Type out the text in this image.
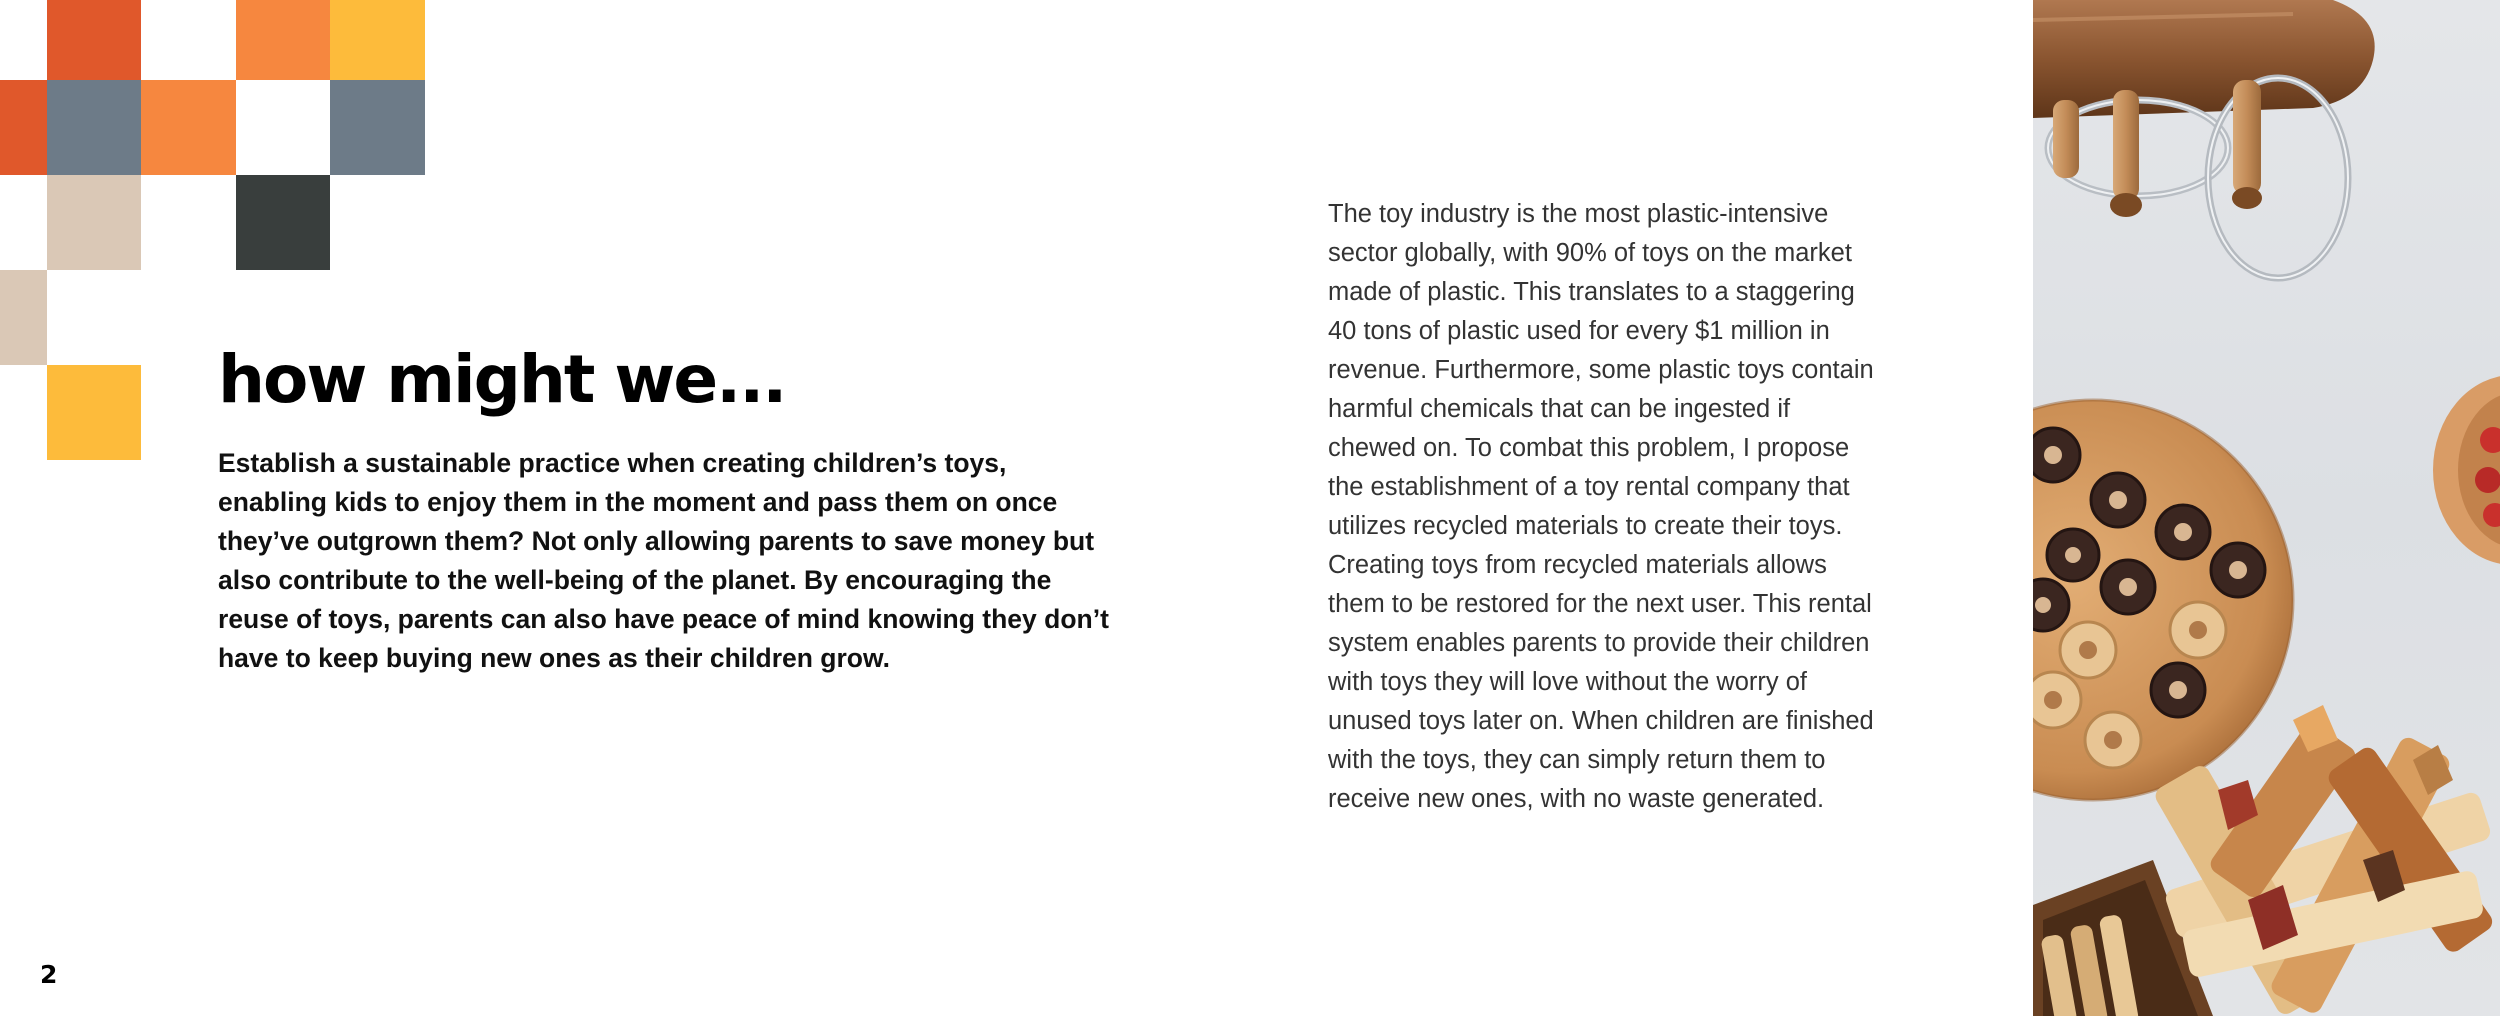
how might we...

Establish a sustainable practice when creating children’s toys,
enabling kids to enjoy them in the moment and pass them on once
they’ve outgrown them? Not only allowing parents to save money but
also contribute to the well-being of the planet. By encouraging the
reuse of toys, parents can also have peace of mind knowing they don’t
have to keep buying new ones as their children grow.

The toy industry is the most plastic-intensive
sector globally, with 90% of toys on the market
made of plastic. This translates to a staggering
40 tons of plastic used for every $1 million in
revenue. Furthermore, some plastic toys contain
harmful chemicals that can be ingested if
chewed on. To combat this problem, I propose
the establishment of a toy rental company that
utilizes recycled materials to create their toys.
Creating toys from recycled materials allows
them to be restored for the next user. This rental
system enables parents to provide their children
with toys they will love without the worry of
unused toys later on. When children are finished
with the toys, they can simply return them to
receive new ones, with no waste generated.

2
